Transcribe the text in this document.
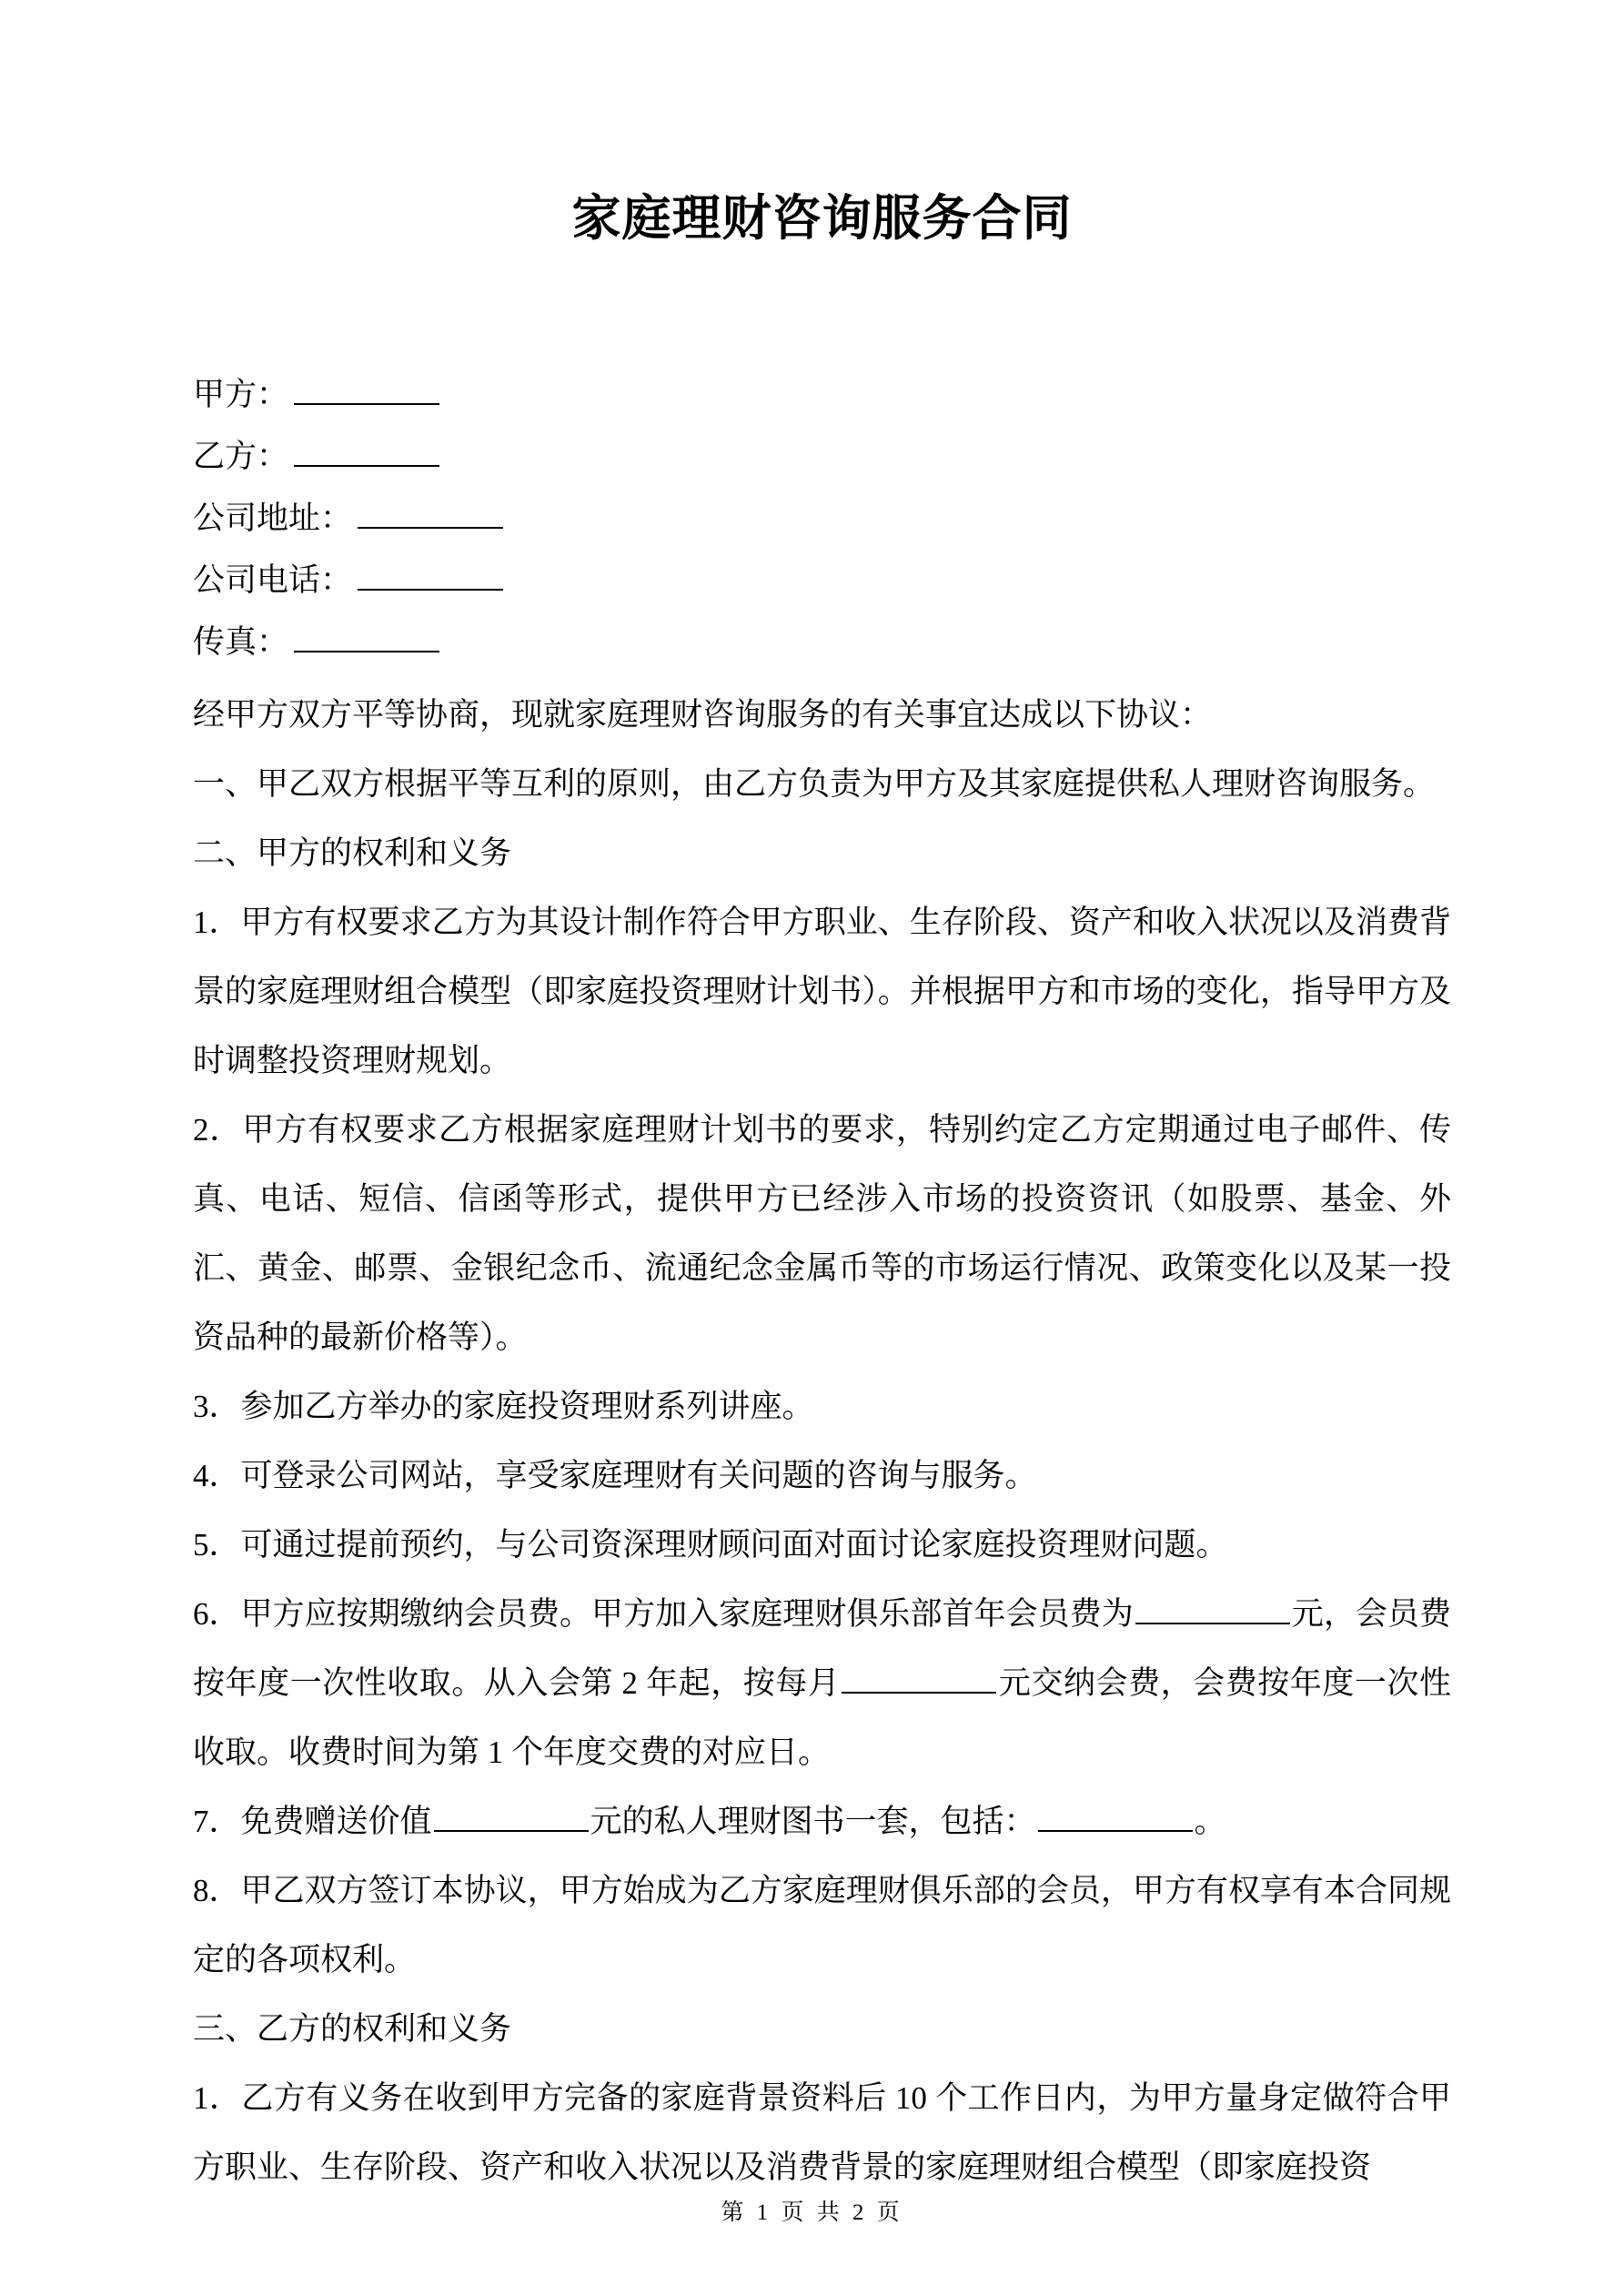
家庭理财咨询服务合同
甲方：
乙方：
公司地址：
公司电话：
传真：

经甲方双方平等协商，现就家庭理财咨询服务的有关事宜达成以下协议：

一、甲乙双方根据平等互利的原则，由乙方负责为甲方及其家庭提供私人理财咨询服务。

二、甲方的权利和义务

1．甲方有权要求乙方为其设计制作符合甲方职业、生存阶段、资产和收入状况以及消费背景的家庭理财组合模型（即家庭投资理财计划书）。并根据甲方和市场的变化，指导甲方及时调整投资理财规划。

2．甲方有权要求乙方根据家庭理财计划书的要求，特别约定乙方定期通过电子邮件、传真、电话、短信、信函等形式，提供甲方已经涉入市场的投资资讯（如股票、基金、外汇、黄金、邮票、金银纪念币、流通纪念金属币等的市场运行情况、政策变化以及某一投资品种的最新价格等）。

3．参加乙方举办的家庭投资理财系列讲座。

4．可登录公司网站，享受家庭理财有关问题的咨询与服务。

5．可通过提前预约，与公司资深理财顾问面对面讨论家庭投资理财问题。

6．甲方应按期缴纳会员费。甲方加入家庭理财俱乐部首年会员费为	元，会员费按年度一次性收取。从入会第 2 年起，按每月	元交纳会费，会费按年度一次性收取。收费时间为第 1 个年度交费的对应日。

7．免费赠送价值	元的私人理财图书一套，包括：	。

8．甲乙双方签订本协议，甲方始成为乙方家庭理财俱乐部的会员，甲方有权享有本合同规定的各项权利。

三、乙方的权利和义务

1．乙方有义务在收到甲方完备的家庭背景资料后 10 个工作日内，为甲方量身定做符合甲方职业、生存阶段、资产和收入状况以及消费背景的家庭理财组合模型（即家庭投资

第 1 页 共 2 页
